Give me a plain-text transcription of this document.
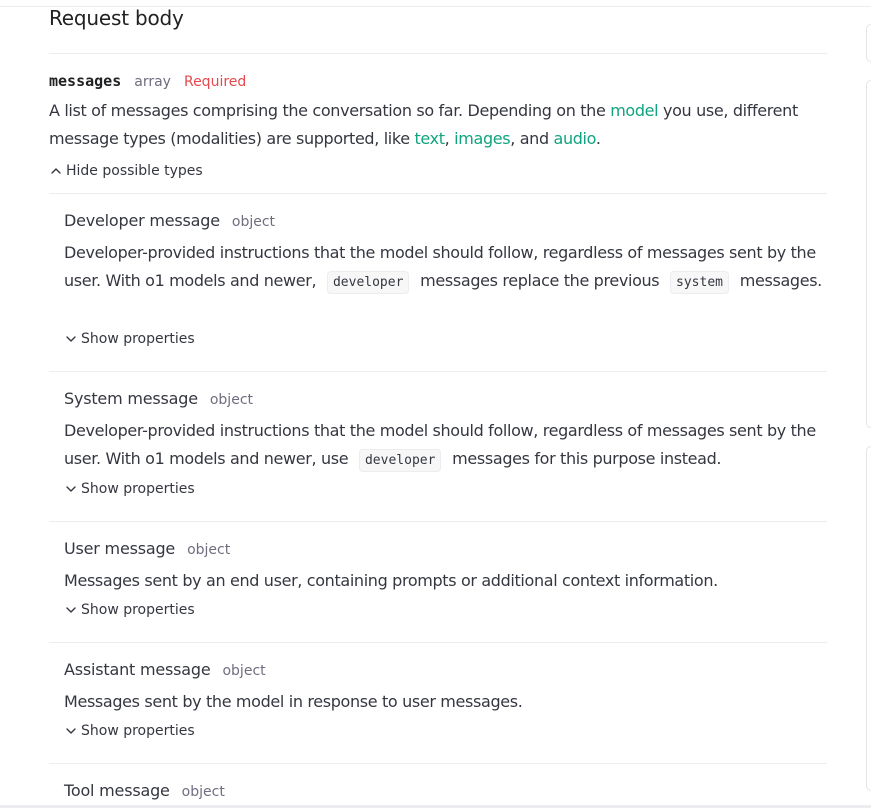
Request body
messages array Required
A list of messages comprising the conversation so far. Depending on the model you use, different message types (modalities) are supported, like text, images, and audio.
Hide possible types
Developer message object
Developer-provided instructions that the model should follow, regardless of messages sent by the user. With o1 models and newer, developer messages replace the previous system messages.
Show properties
System message object
Developer-provided instructions that the model should follow, regardless of messages sent by the user. With o1 models and newer, use developer messages for this purpose instead.
Show properties
User message object
Messages sent by an end user, containing prompts or additional context information.
Show properties
Assistant message object
Messages sent by the model in response to user messages.
Show properties
Tool message object
